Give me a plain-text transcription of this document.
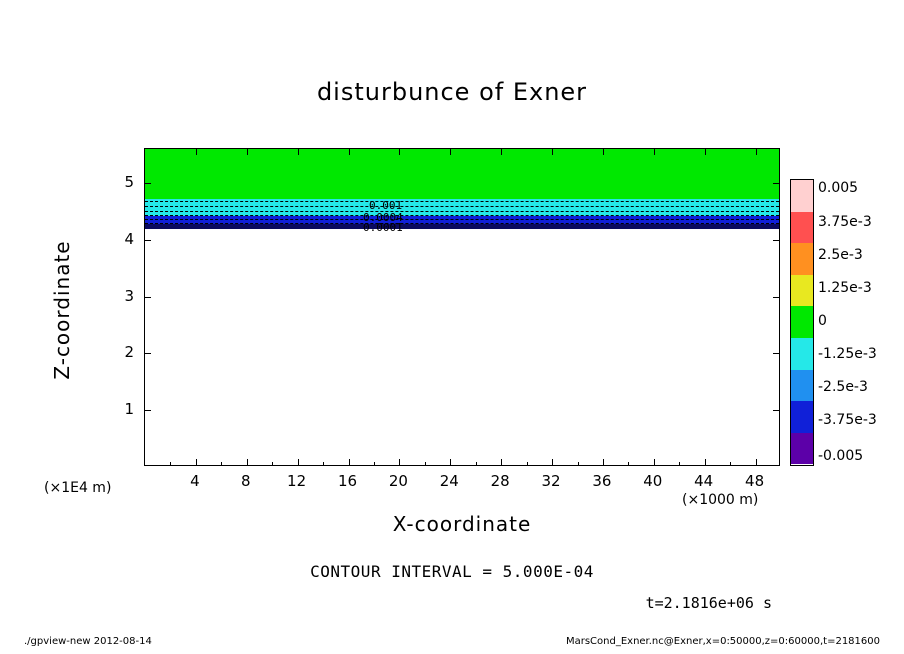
disturbunce of Exner
0.001
0.0004
0.0001
4	8 12 16 20 24 28 32 36 40 44 48
1
2
3
4
5
(×1E4 m)
(×1000 m)
X-coordinate
Z-coordinate
0.005
3.75e-3
2.5e-3
1.25e-3
0
-1.25e-3
-2.5e-3
-3.75e-3
-0.005
CONTOUR INTERVAL = 5.000E-04
t=2.1816e+06 s
./gpview-new 2012-08-14	MarsCond_Exner.nc@Exner,x=0:50000,z=0:60000,t=2181600
